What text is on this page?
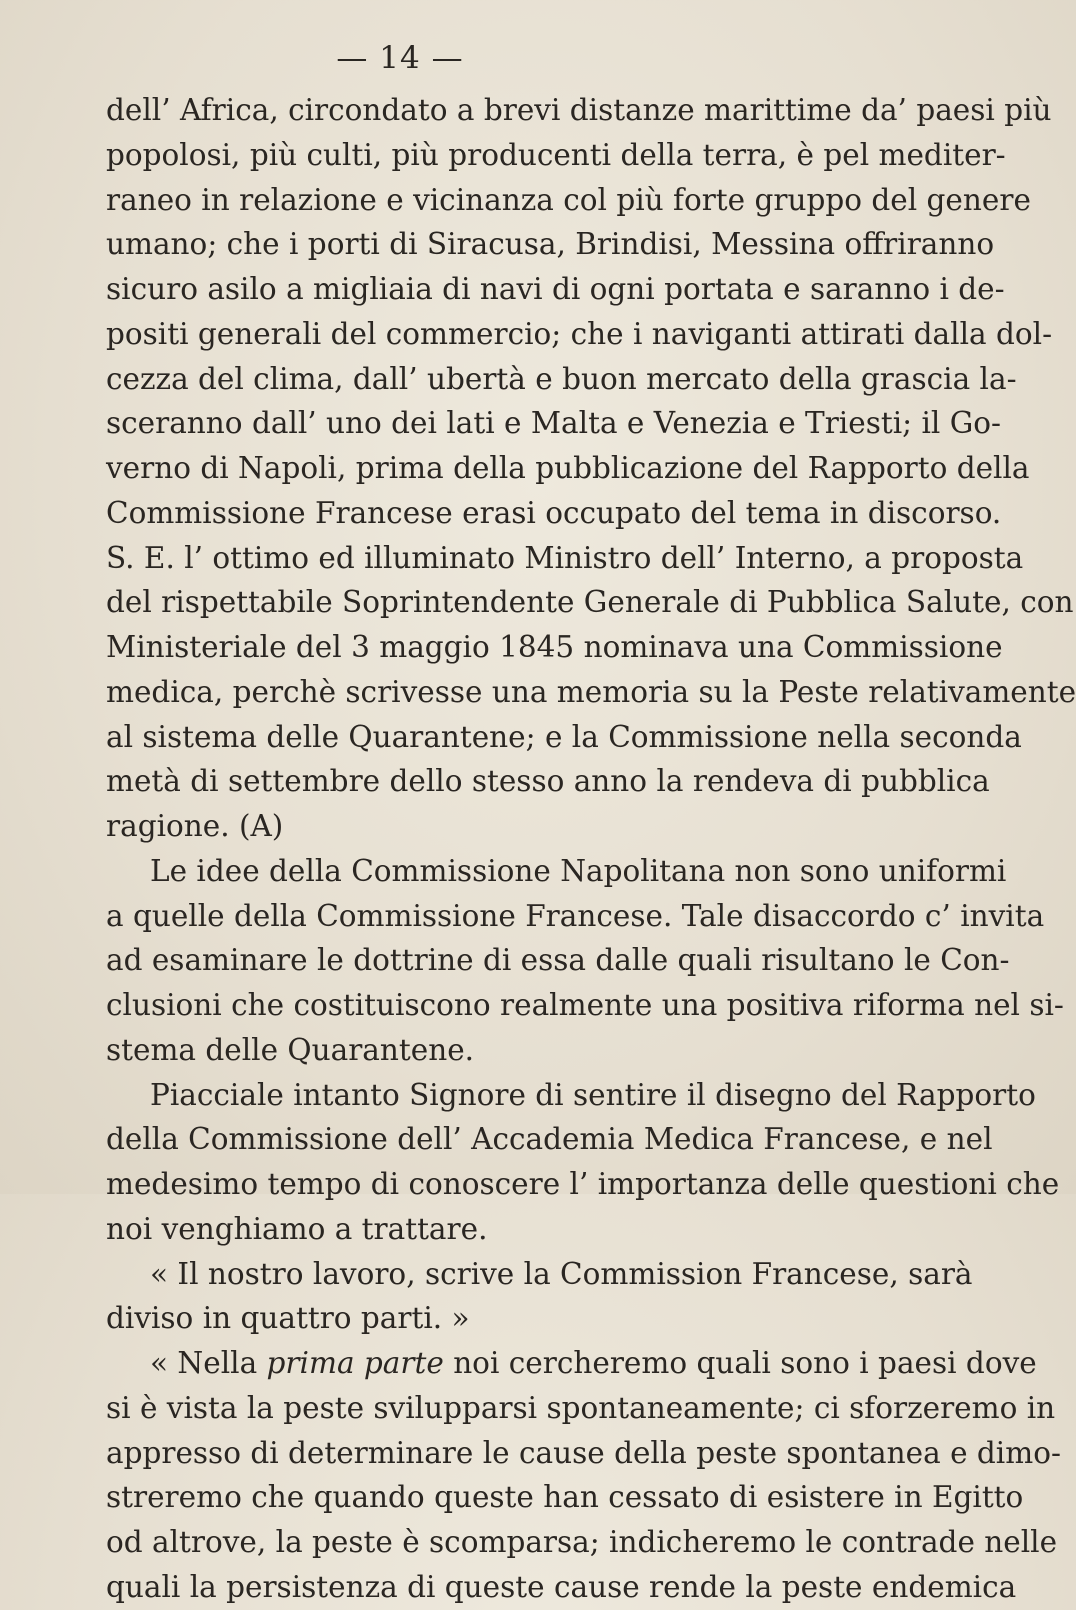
— 14 —
dell’ Africa, circondato a brevi distanze marittime da’ paesi più
popolosi, più culti, più producenti della terra, è pel mediter-
raneo in relazione e vicinanza col più forte gruppo del genere
umano; che i porti di Siracusa, Brindisi, Messina offriranno
sicuro asilo a migliaia di navi di ogni portata e saranno i de-
positi generali del commercio; che i naviganti attirati dalla dol-
cezza del clima, dall’ ubertà e buon mercato della grascia la-
sceranno dall’ uno dei lati e Malta e Venezia e Triesti; il Go-
verno di Napoli, prima della pubblicazione del Rapporto della
Commissione Francese erasi occupato del tema in discorso.
S. E. l’ ottimo ed illuminato Ministro dell’ Interno, a proposta
del rispettabile Soprintendente Generale di Pubblica Salute, con
Ministeriale del 3 maggio 1845 nominava una Commissione
medica, perchè scrivesse una memoria su la Peste relativamente
al sistema delle Quarantene; e la Commissione nella seconda
metà di settembre dello stesso anno la rendeva di pubblica
ragione. (A)
Le idee della Commissione Napolitana non sono uniformi
a quelle della Commissione Francese. Tale disaccordo c’ invita
ad esaminare le dottrine di essa dalle quali risultano le Con-
clusioni che costituiscono realmente una positiva riforma nel si-
stema delle Quarantene.
Piacciale intanto Signore di sentire il disegno del Rapporto
della Commissione dell’ Accademia Medica Francese, e nel
medesimo tempo di conoscere l’ importanza delle questioni che
noi venghiamo a trattare.
« Il nostro lavoro, scrive la Commission Francese, sarà
diviso in quattro parti. »
« Nella prima parte noi cercheremo quali sono i paesi dove
si è vista la peste svilupparsi spontaneamente; ci sforzeremo in
appresso di determinare le cause della peste spontanea e dimo-
streremo che quando queste han cessato di esistere in Egitto
od altrove, la peste è scomparsa; indicheremo le contrade nelle
quali la persistenza di queste cause rende la peste endemica
